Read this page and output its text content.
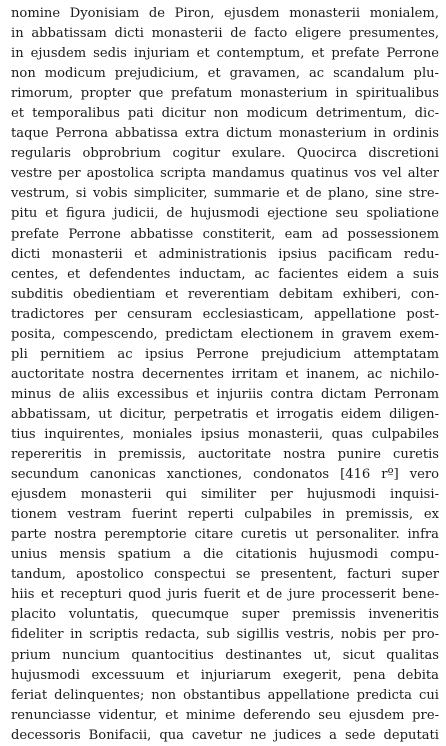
nomine Dyonisiam de Piron, ejusdem monasterii monialem,
in abbatissam dicti monasterii de facto eligere presumentes,
in ejusdem sedis injuriam et contemptum, et prefate Perrone
non modicum prejudicium, et gravamen, ac scandalum plu-
rimorum, propter que prefatum monasterium in spiritualibus
et temporalibus pati dicitur non modicum detrimentum, dic-
taque Perrona abbatissa extra dictum monasterium in ordinis
regularis obprobrium cogitur exulare. Quocirca discretioni
vestre per apostolica scripta mandamus quatinus vos vel alter
vestrum, si vobis simpliciter, summarie et de plano, sine stre-
pitu et figura judicii, de hujusmodi ejectione seu spoliatione
prefate Perrone abbatisse constiterit, eam ad possessionem
dicti monasterii et administrationis ipsius pacificam redu-
centes, et defendentes inductam, ac facientes eidem a suis
subditis obedientiam et reverentiam debitam exhiberi, con-
tradictores per censuram ecclesiasticam, appellatione post-
posita, compescendo, predictam electionem in gravem exem-
pli pernitiem ac ipsius Perrone prejudicium attemptatam
auctoritate nostra decernentes irritam et inanem, ac nichilo-
minus de aliis excessibus et injuriis contra dictam Perronam
abbatissam, ut dicitur, perpetratis et irrogatis eidem diligen-
tius inquirentes, moniales ipsius monasterii, quas culpabiles
repereritis in premissis, auctoritate nostra punire curetis
secundum canonicas xanctiones, condonatos [416 rº] vero
ejusdem monasterii qui similiter per hujusmodi inquisi-
tionem vestram fuerint reperti culpabiles in premissis, ex
parte nostra peremptorie citare curetis ut personaliter. infra
unius mensis spatium a die citationis hujusmodi compu-
tandum, apostolico conspectui se presentent, facturi super
hiis et recepturi quod juris fuerit et de jure processerit bene-
placito voluntatis, quecumque super premissis inveneritis
fideliter in scriptis redacta, sub sigillis vestris, nobis per pro-
prium nuncium quantocitius destinantes ut, sicut qualitas
hujusmodi excessuum et injuriarum exegerit, pena debita
feriat delinquentes; non obstantibus appellatione predicta cui
renunciasse videntur, et minime deferendo seu ejusdem pre-
decessoris Bonifacii, qua cavetur ne judices a sede deputati
